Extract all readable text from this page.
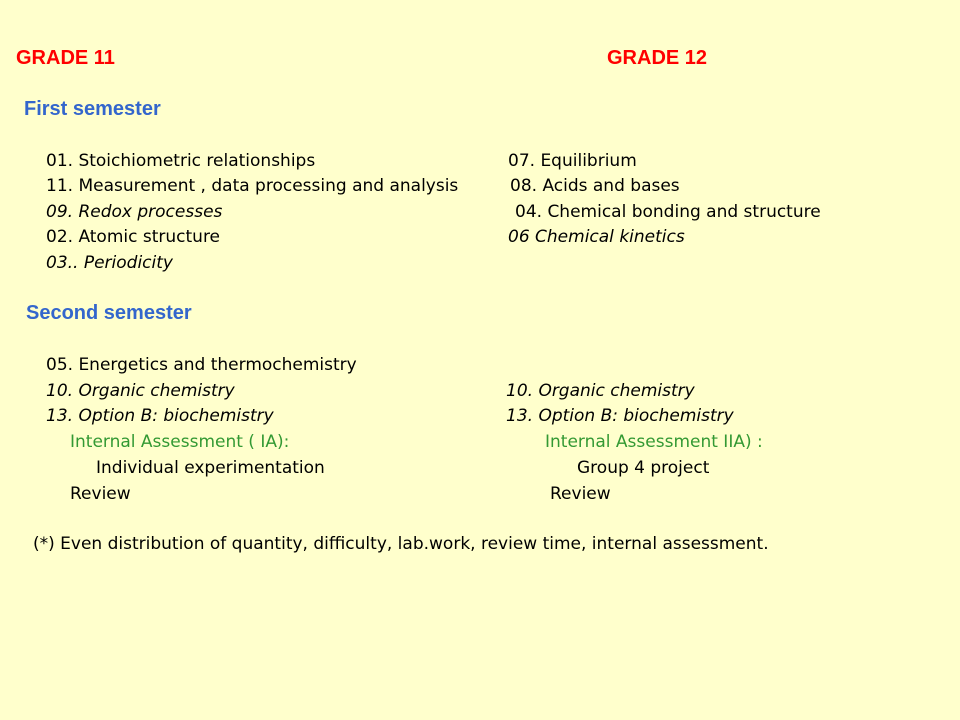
GRADE 11	GRADE 12
First semester
01. Stoichiometric relationships
11. Measurement , data processing and analysis
09. Redox processes
02. Atomic structure
03.. Periodicity
07. Equilibrium
08. Acids and bases
04. Chemical bonding and structure
06 Chemical kinetics
Second semester
05. Energetics and thermochemistry
10. Organic chemistry
13. Option B: biochemistry
Internal Assessment ( IA):
Individual experimentation
Review
10. Organic chemistry
13. Option B: biochemistry
Internal Assessment IIA) :
Group 4 project
Review
(*) Even distribution of quantity, difficulty, lab.work, review time, internal assessment.
